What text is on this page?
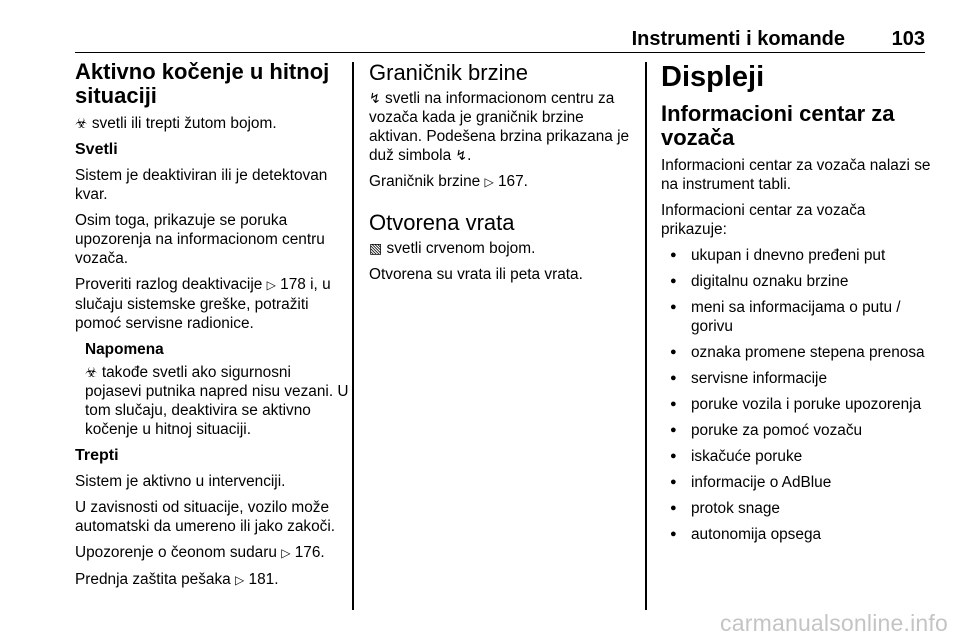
Instrumenti i komande 103
Aktivno kočenje u hitnoj situaciji

☣ svetli ili trepti žutom bojom.

Svetli

Sistem je deaktiviran ili je detektovan kvar.

Osim toga, prikazuje se poruka upozorenja na informacionom centru vozača.

Proveriti razlog deaktivacije ▷ 178 i, u slučaju sistemske greške, potražiti pomoć servisne radionice.

Napomena

☣ takođe svetli ako sigurnosni pojasevi putnika napred nisu vezani. U tom slučaju, deaktivira se aktivno kočenje u hitnoj situaciji.

Trepti

Sistem je aktivno u intervenciji.

U zavisnosti od situacije, vozilo može automatski da umereno ili jako zakoči.

Upozorenje o čeonom sudaru ▷ 176.

Prednja zaštita pešaka ▷ 181.

Graničnik brzine

↯ svetli na informacionom centru za vozača kada je graničnik brzine aktivan. Podešena brzina prikazana je duž simbola ↯.

Graničnik brzine ▷ 167.

Otvorena vrata

▧ svetli crvenom bojom.

Otvorena su vrata ili peta vrata.

Displeji
Informacioni centar za vozača

Informacioni centar za vozača nalazi se na instrument tabli.

Informacioni centar za vozača prikazuje:

● ukupan i dnevno pređeni put
● digitalnu oznaku brzine
● meni sa informacijama o putu / gorivu
● oznaka promene stepena prenosa
● servisne informacije
● poruke vozila i poruke upozorenja
● poruke za pomoć vozaču
● iskačuće poruke
● informacije o AdBlue
● protok snage
● autonomija opsega
carmanualsonline.info
